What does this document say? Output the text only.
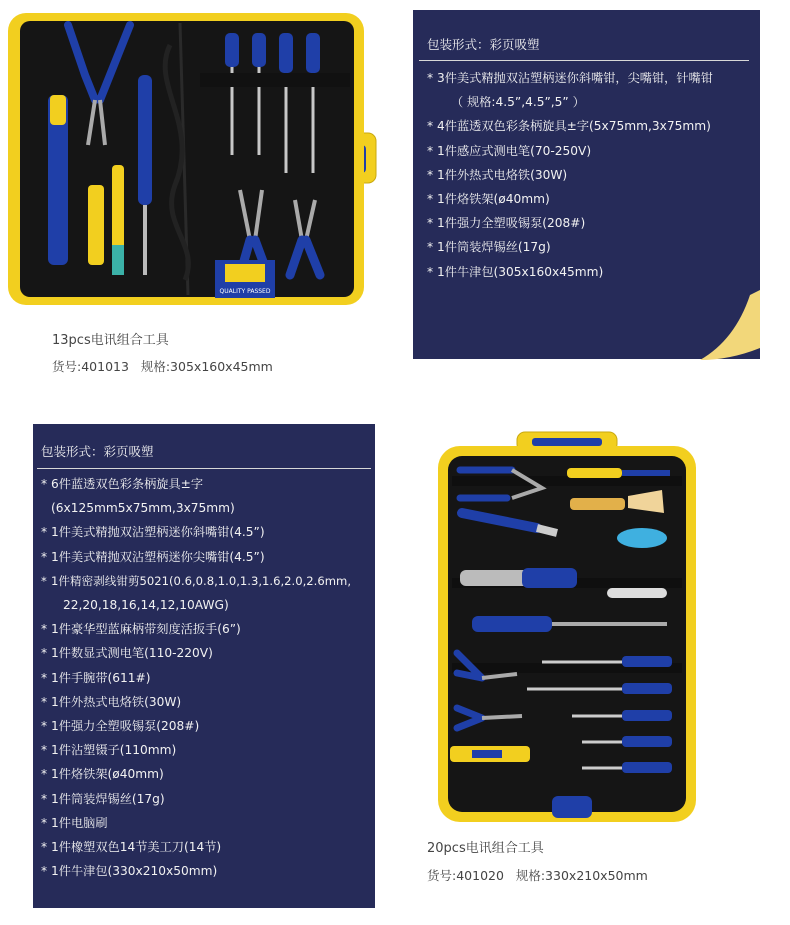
QUALITY PASSED
13pcs电讯组合工具
货号:401013   规格:305x160x45mm
包装形式：彩页吸塑
* 3件美式精抛双沾塑柄迷你斜嘴钳，尖嘴钳，针嘴钳
（ 规格:4.5”,4.5”,5” ）
* 4件蓝透双色彩条柄旋具±字(5x75mm,3x75mm)
* 1件感应式测电笔(70-250V)
* 1件外热式电烙铁(30W)
* 1件烙铁架(ø40mm)
* 1件强力全塑吸锡泵(208#)
* 1件筒装焊锡丝(17g)
* 1件牛津包(305x160x45mm)
包装形式：彩页吸塑
* 6件蓝透双色彩条柄旋具±字
(6x125mm5x75mm,3x75mm)
* 1件美式精抛双沾塑柄迷你斜嘴钳(4.5”)
* 1件美式精抛双沾塑柄迷你尖嘴钳(4.5”)
* 1件精密剥线钳剪5021(0.6,0.8,1.0,1.3,1.6,2.0,2.6mm,
22,20,18,16,14,12,10AWG)
* 1件豪华型蓝麻柄带刻度活扳手(6”)
* 1件数显式测电笔(110-220V)
* 1件手腕带(611#)
* 1件外热式电烙铁(30W)
* 1件强力全塑吸锡泵(208#)
* 1件沾塑镊子(110mm)
* 1件烙铁架(ø40mm)
* 1件筒装焊锡丝(17g)
* 1件电脑刷
* 1件橡塑双色14节美工刀(14节)
* 1件牛津包(330x210x50mm)
20pcs电讯组合工具
货号:401020   规格:330x210x50mm
